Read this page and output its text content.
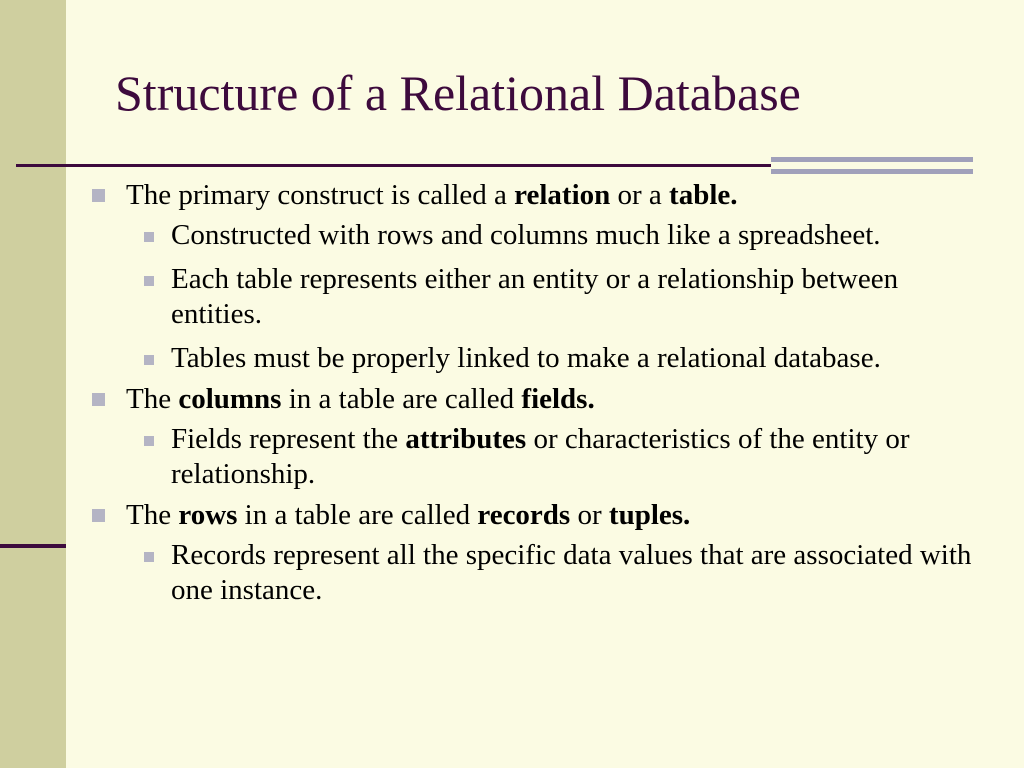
Structure of a Relational Database
The primary construct is called a relation or a table.
Constructed with rows and columns much like a spreadsheet.
Each table represents either an entity or a relationship between entities.
Tables must be properly linked to make a relational database.
The columns in a table are called fields.
Fields represent the attributes or characteristics of the entity or relationship.
The rows in a table are called records or tuples.
Records represent all the specific data values that are associated with one instance.
